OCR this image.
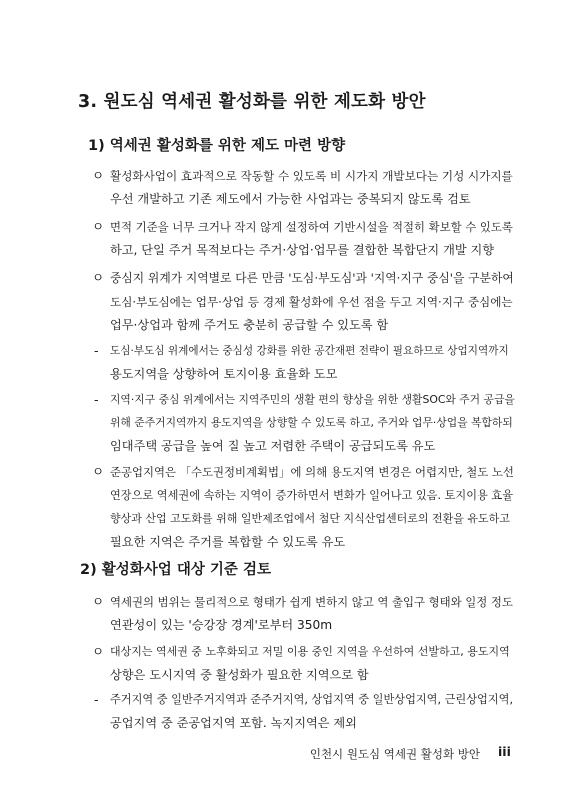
3. 원도심 역세권 활성화를 위한 제도화 방안
1) 역세권 활성화를 위한 제도 마련 방향
ㅇ 활성화사업이 효과적으로 작동할 수 있도록 비 시가지 개발보다는 기성 시가지를
우선 개발하고 기존 제도에서 가능한 사업과는 중복되지 않도록 검토
ㅇ 면적 기준을 너무 크거나 작지 않게 설정하여 기반시설을 적절히 확보할 수 있도록
하고, 단일 주거 목적보다는 주거·상업·업무를 결합한 복합단지 개발 지향
ㅇ 중심지 위계가 지역별로 다른 만큼 '도심·부도심'과 '지역·지구 중심'을 구분하여
도심·부도심에는 업무·상업 등 경제 활성화에 우선 점을 두고 지역·지구 중심에는
업무·상업과 함께 주거도 충분히 공급할 수 있도록 함
- 도심·부도심 위계에서는 중심성 강화를 위한 공간재편 전략이 필요하므로 상업지역까지
용도지역을 상향하여 토지이용 효율화 도모
- 지역·지구 중심 위계에서는 지역주민의 생활 편의 향상을 위한 생활SOC와 주거 공급을
위해 준주거지역까지 용도지역을 상향할 수 있도록 하고, 주거와 업무·상업을 복합하되
임대주택 공급을 높여 질 높고 저렴한 주택이 공급되도록 유도
ㅇ 준공업지역은 「수도권정비계획법」에 의해 용도지역 변경은 어렵지만, 철도 노선
연장으로 역세권에 속하는 지역이 증가하면서 변화가 일어나고 있음. 토지이용 효율
향상과 산업 고도화를 위해 일반제조업에서 첨단 지식산업센터로의 전환을 유도하고
필요한 지역은 주거를 복합할 수 있도록 유도
2) 활성화사업 대상 기준 검토
ㅇ 역세권의 범위는 물리적으로 형태가 쉽게 변하지 않고 역 출입구 형태와 일정 정도
연관성이 있는 '승강장 경계'로부터 350m
ㅇ 대상지는 역세권 중 노후화되고 저밀 이용 중인 지역을 우선하여 선발하고, 용도지역
상향은 도시지역 중 활성화가 필요한 지역으로 함
- 주거지역 중 일반주거지역과 준주거지역, 상업지역 중 일반상업지역, 근린상업지역,
공업지역 중 준공업지역 포함. 녹지지역은 제외
인천시 원도심 역세권 활성화 방안 iii
